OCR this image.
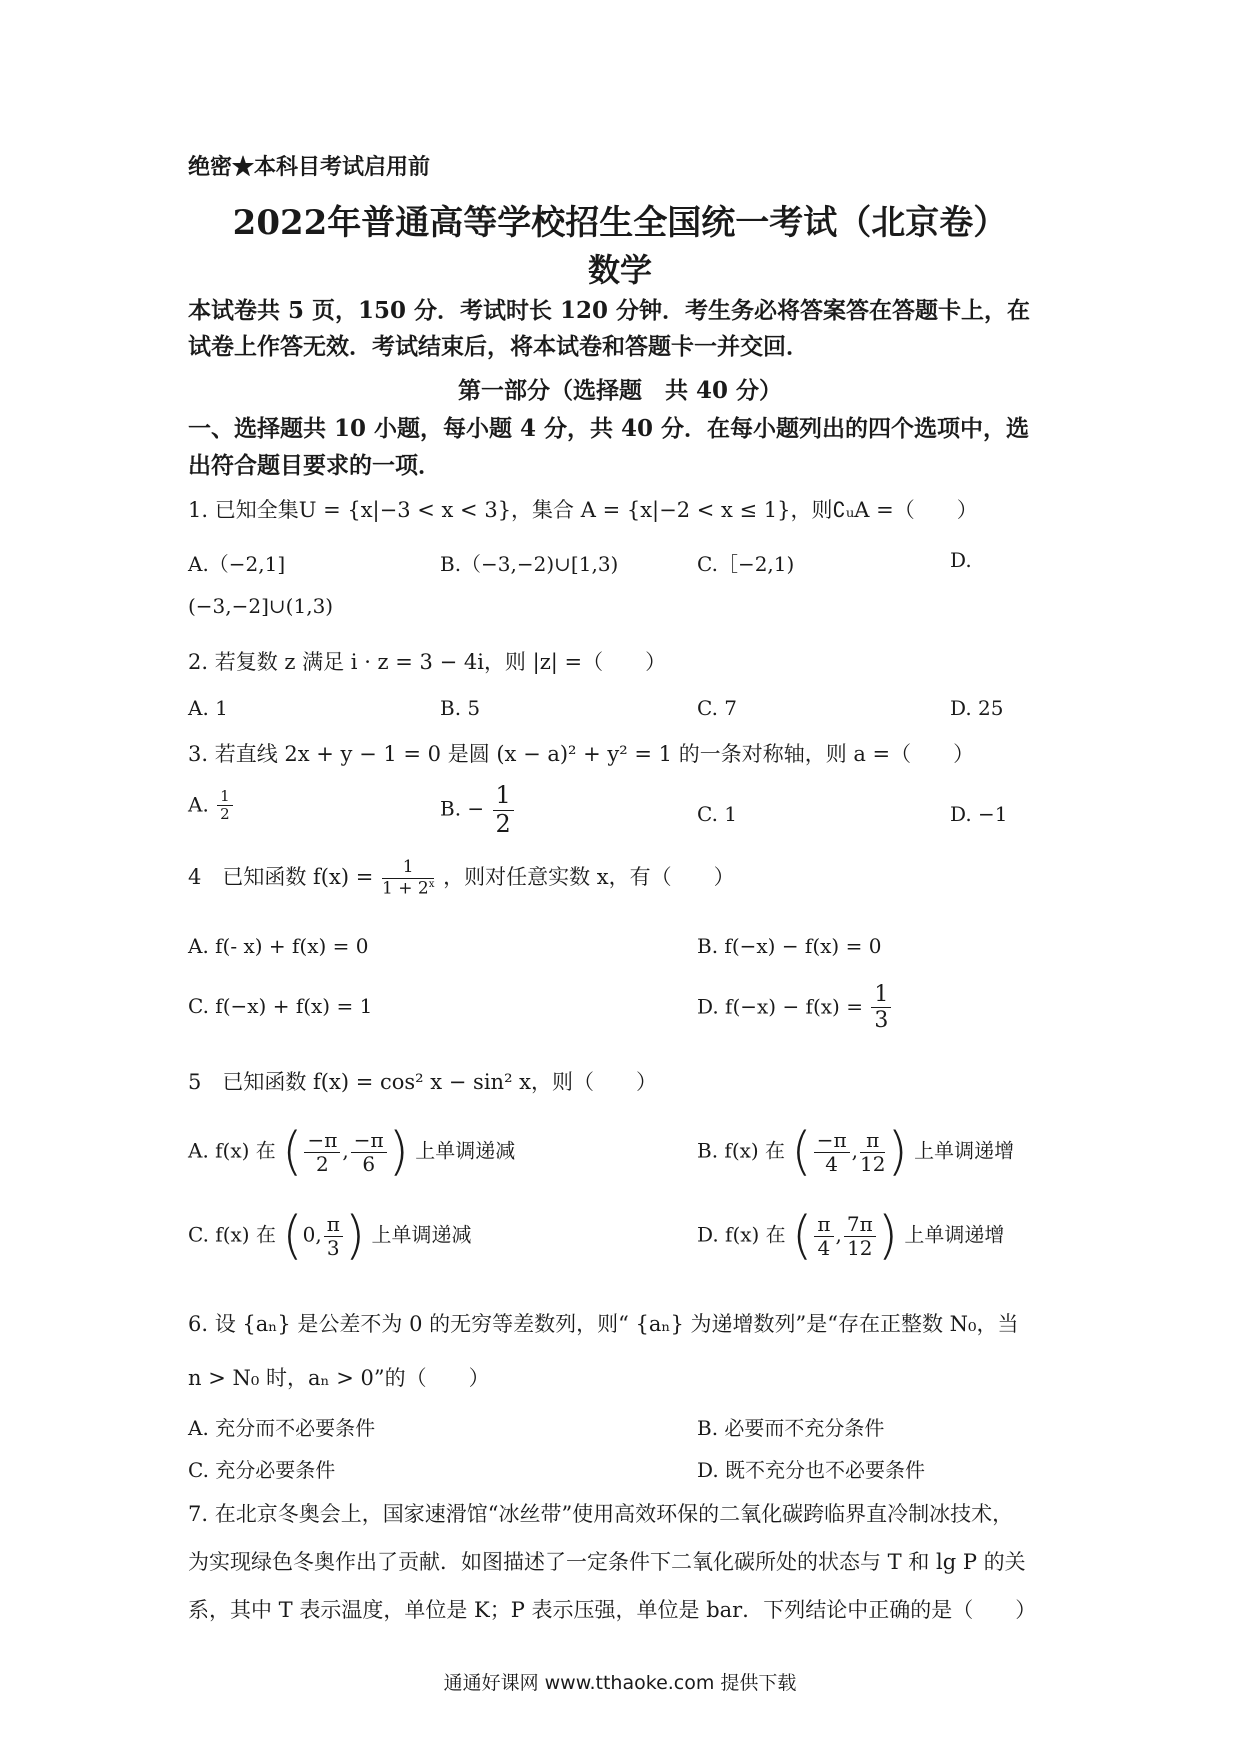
绝密★本科目考试启用前
2022年普通高等学校招生全国统一考试（北京卷）
数学
本试卷共 5 页，150 分．考试时长 120 分钟．考生务必将答案答在答题卡上，在
试卷上作答无效．考试结束后，将本试卷和答题卡一并交回．
第一部分（选择题　共 40 分）
一、选择题共 10 小题，每小题 4 分，共 40 分．在每小题列出的四个选项中，选
出符合题目要求的一项．
1. 已知全集U = {x|−3 < x < 3}，集合 A = {x|−2 < x ≤ 1}，则∁ᵤA =（　　）
A.（−2,1]	B.（−3,−2)∪[1,3)	C.［−2,1)	D.
(−3,−2]∪(1,3)
2. 若复数 z 满足 i · z = 3 − 4i，则 |z| =（　　）
A. 1	B. 5	C. 7	D. 25
3. 若直线 2x + y − 1 = 0 是圆 (x − a)² + y² = 1 的一条对称轴，则 a =（　　）
A. $\frac{1}{2}$	B. − $\frac{1}{2}$	C. 1	D. −1
4　已知函数 $f(x) = \frac{1}{1 + 2^x}$ ，则对任意实数 x，有（　　）
A. f(- x) + f(x) = 0	B. f(−x) − f(x) = 0
C. f(−x) + f(x) = 1	D. $f(-x) - f(x) = \frac{1}{3}$
5　已知函数 f(x) = cos² x − sin² x，则（　　）
A. f(x) 在 ( $\frac{-\pi}{2}$ , $\frac{-\pi}{6}$ ) 上单调递减	B. f(x) 在 ( $\frac{-\pi}{4}$ , $\frac{\pi}{12}$ ) 上单调递增
C. f(x) 在 (0, $\frac{\pi}{3}$ ) 上单调递减	D. f(x) 在 ( $\frac{\pi}{4}$ , $\frac{7\pi}{12}$ ) 上单调递增
6. 设 {aₙ} 是公差不为 0 的无穷等差数列，则“ {aₙ} 为递增数列”是“存在正整数 N₀，当
n > N₀ 时，aₙ > 0”的（　　）
A. 充分而不必要条件	B. 必要而不充分条件
C. 充分必要条件	D. 既不充分也不必要条件
7. 在北京冬奥会上，国家速滑馆“冰丝带”使用高效环保的二氧化碳跨临界直冷制冰技术，
为实现绿色冬奥作出了贡献．如图描述了一定条件下二氧化碳所处的状态与 T 和 lg P 的关
系，其中 T 表示温度，单位是 K；P 表示压强，单位是 bar．下列结论中正确的是（　　）
通通好课网 www.tthaoke.com 提供下载
